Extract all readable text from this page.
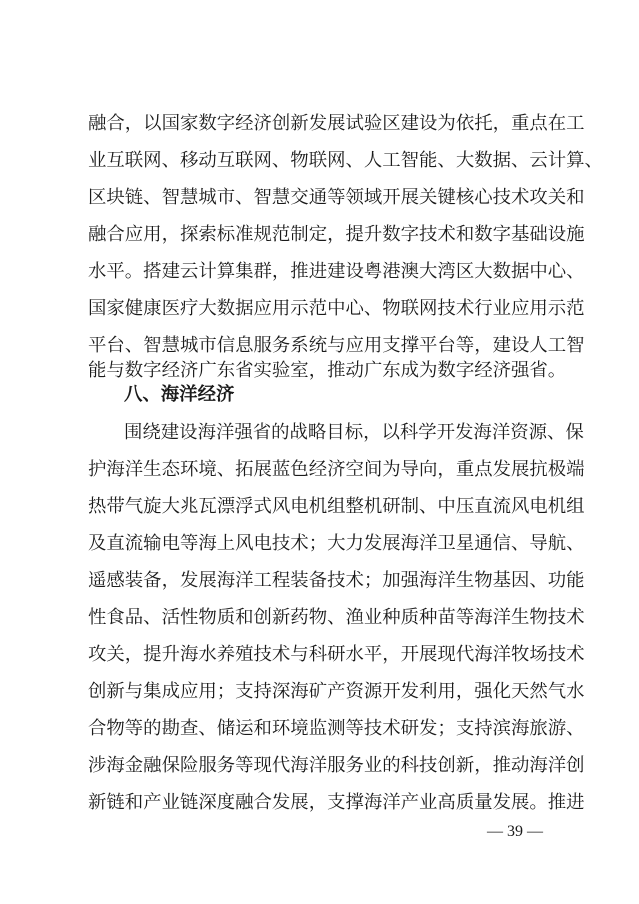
融合，以国家数字经济创新发展试验区建设为依托，重点在工
业互联网、移动互联网、物联网、人工智能、大数据、云计算、
区块链、智慧城市、智慧交通等领域开展关键核心技术攻关和
融合应用，探索标准规范制定，提升数字技术和数字基础设施
水平。搭建云计算集群，推进建设粤港澳大湾区大数据中心、
国家健康医疗大数据应用示范中心、物联网技术行业应用示范
平台、智慧城市信息服务系统与应用支撑平台等，建设人工智
能与数字经济广东省实验室，推动广东成为数字经济强省。
八、海洋经济
围绕建设海洋强省的战略目标，以科学开发海洋资源、保
护海洋生态环境、拓展蓝色经济空间为导向，重点发展抗极端
热带气旋大兆瓦漂浮式风电机组整机研制、中压直流风电机组
及直流输电等海上风电技术；大力发展海洋卫星通信、导航、
遥感装备，发展海洋工程装备技术；加强海洋生物基因、功能
性食品、活性物质和创新药物、渔业种质种苗等海洋生物技术
攻关，提升海水养殖技术与科研水平，开展现代海洋牧场技术
创新与集成应用；支持深海矿产资源开发利用，强化天然气水
合物等的勘查、储运和环境监测等技术研发；支持滨海旅游、
涉海金融保险服务等现代海洋服务业的科技创新，推动海洋创
新链和产业链深度融合发展，支撑海洋产业高质量发展。推进
— 39 —
